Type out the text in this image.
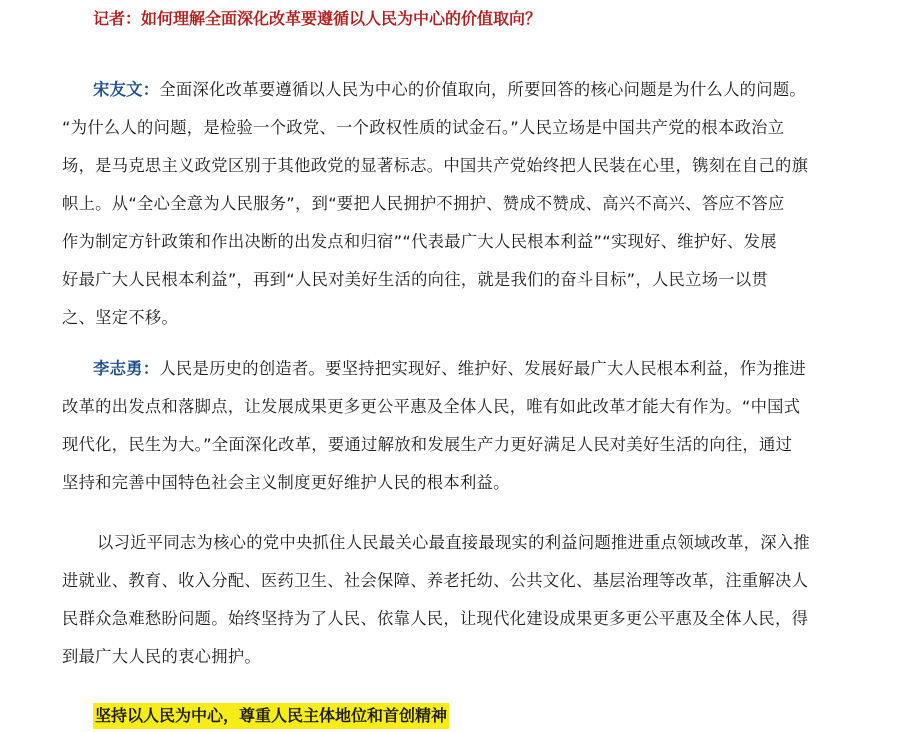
记者：如何理解全面深化改革要遵循以人民为中心的价值取向？
宋友文：全面深化改革要遵循以人民为中心的价值取向，所要回答的核心问题是为什么人的问题。
“为什么人的问题，是检验一个政党、一个政权性质的试金石。”人民立场是中国共产党的根本政治立
场，是马克思主义政党区别于其他政党的显著标志。中国共产党始终把人民装在心里，镌刻在自己的旗
帜上。从“全心全意为人民服务”，到“要把人民拥护不拥护、赞成不赞成、高兴不高兴、答应不答应
作为制定方针政策和作出决断的出发点和归宿”“代表最广大人民根本利益”“实现好、维护好、发展
好最广大人民根本利益”，再到“人民对美好生活的向往，就是我们的奋斗目标”，人民立场一以贯
之、坚定不移。
李志勇：人民是历史的创造者。要坚持把实现好、维护好、发展好最广大人民根本利益，作为推进
改革的出发点和落脚点，让发展成果更多更公平惠及全体人民，唯有如此改革才能大有作为。“中国式
现代化，民生为大。”全面深化改革，要通过解放和发展生产力更好满足人民对美好生活的向往，通过
坚持和完善中国特色社会主义制度更好维护人民的根本利益。
以习近平同志为核心的党中央抓住人民最关心最直接最现实的利益问题推进重点领域改革，深入推
进就业、教育、收入分配、医药卫生、社会保障、养老托幼、公共文化、基层治理等改革，注重解决人
民群众急难愁盼问题。始终坚持为了人民、依靠人民，让现代化建设成果更多更公平惠及全体人民，得
到最广大人民的衷心拥护。
坚持以人民为中心，尊重人民主体地位和首创精神
